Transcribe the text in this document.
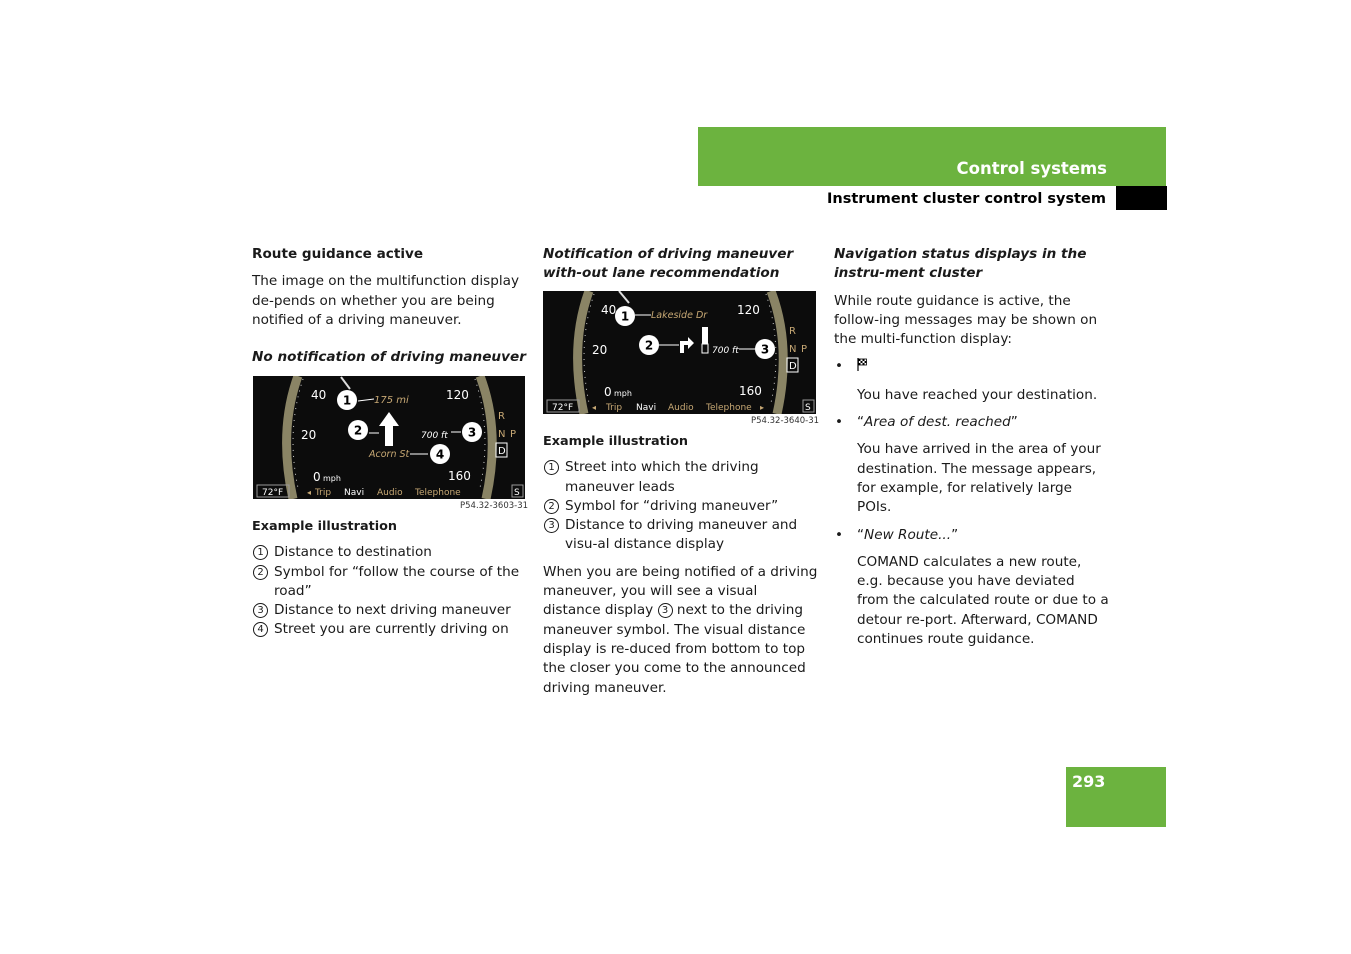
Control systems
Instrument cluster control system

Route guidance active

The image on the multifunction display de-pends on whether you are being notified of a driving maneuver.

No notification of driving maneuver

40
20
0 mph
120
160
175 mi
700 ft
Acorn St
1
2	3
4
R
N P
D
72°F	◂ Trip Navi Audio Telephone	S
P54.32-3603-31

Example illustration

1 Distance to destination
2 Symbol for “follow the course of the road”
3 Distance to next driving maneuver
4 Street you are currently driving on

Notification of driving maneuver with-out lane recommendation

40
20
0 mph
120
160
Lakeside Dr
700 ft
1
2	3
R
N P
D
72°F ◂ Trip Navi Audio Telephone ▸	S
P54.32-3640-31

Example illustration

1 Street into which the driving maneuver leads
2 Symbol for “driving maneuver”
3 Distance to driving maneuver and visu-al distance display

When you are being notified of a driving maneuver, you will see a visual distance display 3 next to the driving maneuver symbol. The visual distance display is re-duced from bottom to top the closer you come to the announced driving maneuver.

Navigation status displays in the instru-ment cluster

While route guidance is active, the follow-ing messages may be shown on the multi-function display:

•

You have reached your destination.

• “Area of dest. reached”

You have arrived in the area of your destination. The message appears, for example, for relatively large POIs.

• “New Route...”

COMAND calculates a new route, e.g. because you have deviated from the calculated route or due to a detour re-port. Afterward, COMAND continues route guidance.

293
